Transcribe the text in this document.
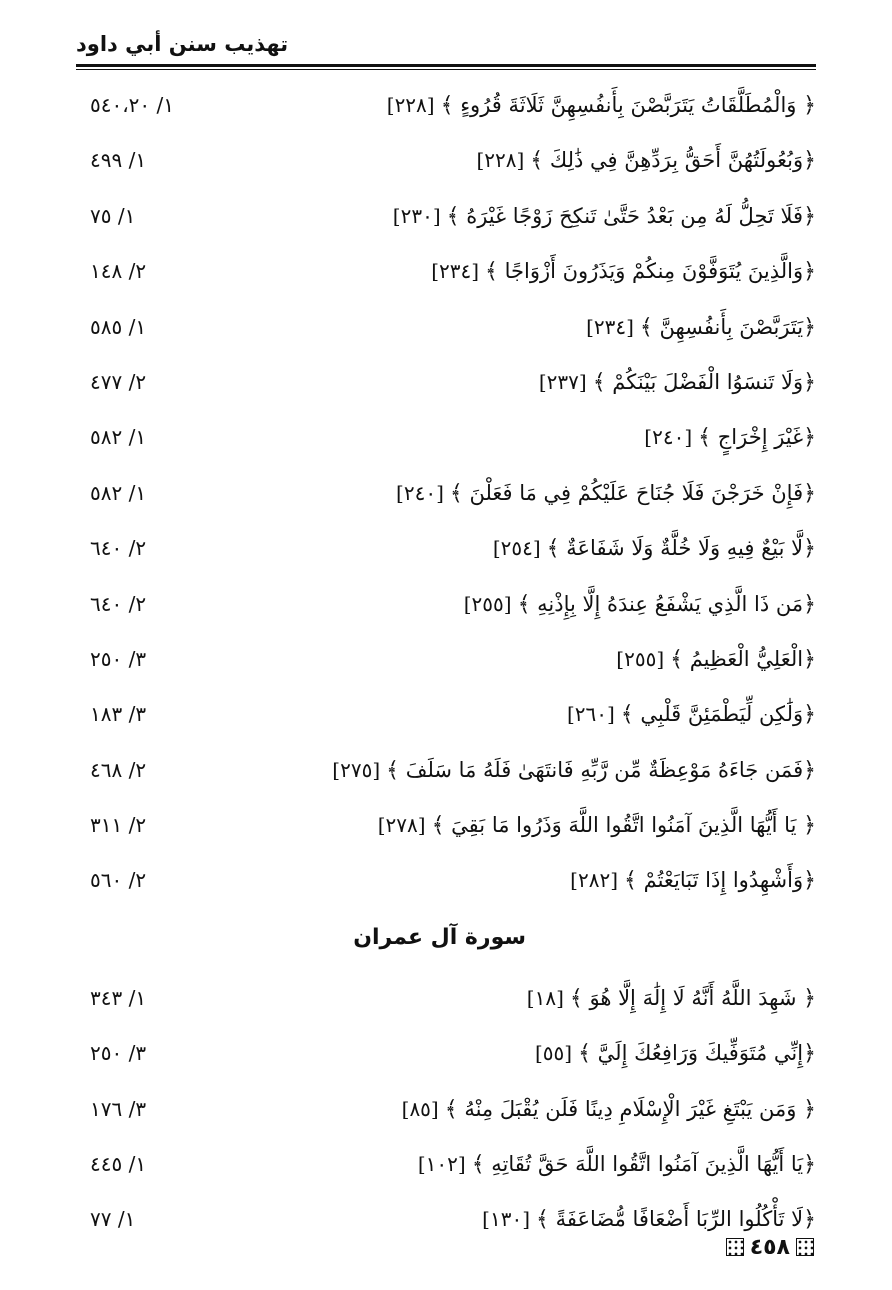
تهذيب سنن أبي داود
﴿ وَالْمُطَلَّقَاتُ يَتَرَبَّصْنَ بِأَنفُسِهِنَّ ثَلَاثَةَ قُرُوءٍ ﴾[٢٢٨]
١/ ٥٤٠،٢٠
﴿وَبُعُولَتُهُنَّ أَحَقُّ بِرَدِّهِنَّ فِي ذَٰلِكَ ﴾[٢٢٨]
١/ ٤٩٩
﴿فَلَا تَحِلُّ لَهُ مِن بَعْدُ حَتَّىٰ تَنكِحَ زَوْجًا غَيْرَهُ ﴾[٢٣٠]
١/ ٧٥
﴿وَالَّذِينَ يُتَوَفَّوْنَ مِنكُمْ وَيَذَرُونَ أَزْوَاجًا ﴾[٢٣٤]
٢/ ١٤٨
﴿يَتَرَبَّصْنَ بِأَنفُسِهِنَّ ﴾[٢٣٤]
١/ ٥٨٥
﴿وَلَا تَنسَوُا الْفَضْلَ بَيْنَكُمْ ﴾[٢٣٧]
٢/ ٤٧٧
﴿غَيْرَ إِخْرَاجٍ ﴾[٢٤٠]
١/ ٥٨٢
﴿فَإِنْ خَرَجْنَ فَلَا جُنَاحَ عَلَيْكُمْ فِي مَا فَعَلْنَ ﴾[٢٤٠]
١/ ٥٨٢
﴿لَّا بَيْعٌ فِيهِ وَلَا خُلَّةٌ وَلَا شَفَاعَةٌ ﴾[٢٥٤]
٢/ ٦٤٠
﴿مَن ذَا الَّذِي يَشْفَعُ عِندَهُ إِلَّا بِإِذْنِهِ ﴾[٢٥٥]
٢/ ٦٤٠
﴿الْعَلِيُّ الْعَظِيمُ ﴾[٢٥٥]
٣/ ٢٥٠
﴿وَلَٰكِن لِّيَطْمَئِنَّ قَلْبِي ﴾[٢٦٠]
٣/ ١٨٣
﴿فَمَن جَاءَهُ مَوْعِظَةٌ مِّن رَّبِّهِ فَانتَهَىٰ فَلَهُ مَا سَلَفَ ﴾[٢٧٥]
٢/ ٤٦٨
﴿ يَا أَيُّهَا الَّذِينَ آمَنُوا اتَّقُوا اللَّهَ وَذَرُوا مَا بَقِيَ ﴾[٢٧٨]
٢/ ٣١١
﴿وَأَشْهِدُوا إِذَا تَبَايَعْتُمْ ﴾[٢٨٢]
٢/ ٥٦٠
سورة آل عمران
﴿ شَهِدَ اللَّهُ أَنَّهُ لَا إِلَٰهَ إِلَّا هُوَ ﴾[١٨]
١/ ٣٤٣
﴿إِنِّي مُتَوَفِّيكَ وَرَافِعُكَ إِلَيَّ ﴾[٥٥]
٣/ ٢٥٠
﴿ وَمَن يَبْتَغِ غَيْرَ الْإِسْلَامِ دِينًا فَلَن يُقْبَلَ مِنْهُ ﴾[٨٥]
٣/ ١٧٦
﴿يَا أَيُّهَا الَّذِينَ آمَنُوا اتَّقُوا اللَّهَ حَقَّ تُقَاتِهِ ﴾[١٠٢]
١/ ٤٤٥
﴿لَا تَأْكُلُوا الرِّبَا أَضْعَافًا مُّضَاعَفَةً ﴾[١٣٠]
١/ ٧٧
٤٥٨
